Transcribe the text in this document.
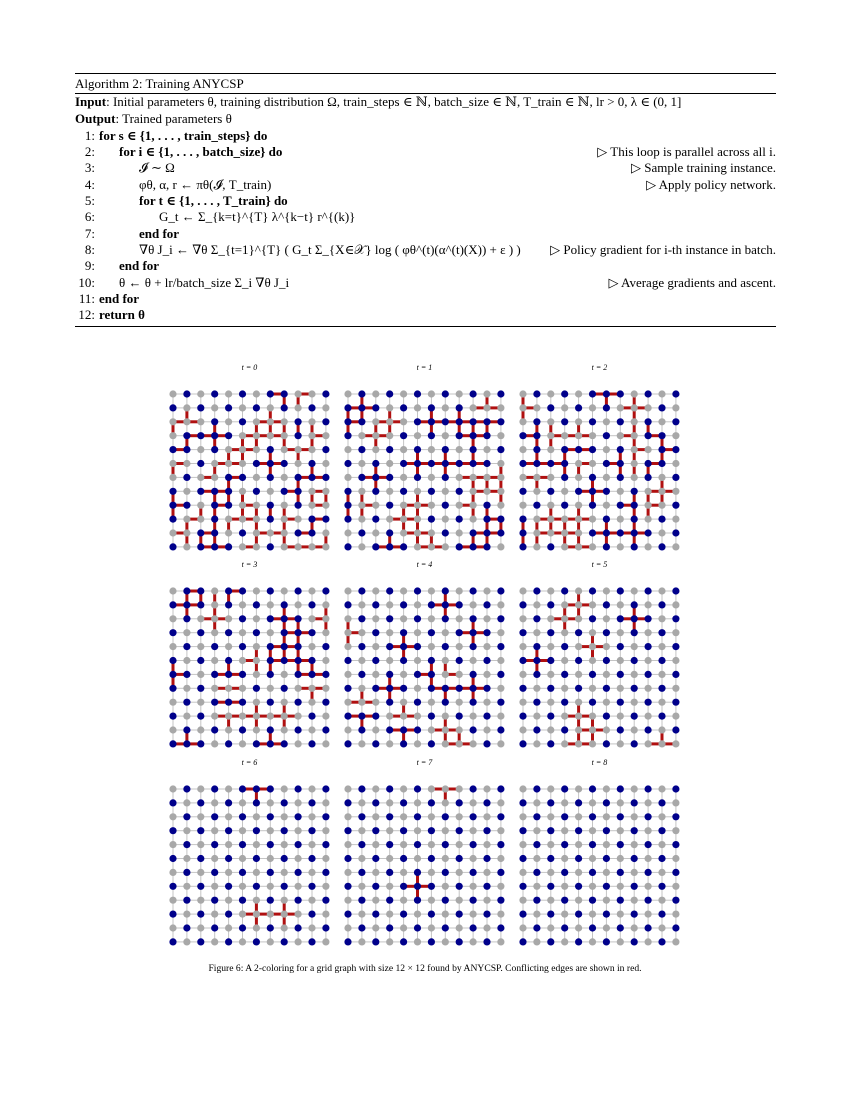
Algorithm 2: Training ANYCSP
Input: Initial parameters θ, training distribution Ω, train_steps ∈ ℕ, batch_size ∈ ℕ, T_train ∈ ℕ, lr > 0, λ ∈ (0, 1]
Output: Trained parameters θ
1: for s ∈ {1, . . . , train_steps} do
2:	for i ∈ {1, . . . , batch_size} do	▷ This loop is parallel across all i.
3:	𝓘 ∼ Ω	▷ Sample training instance.
4:	φθ, α, r ← πθ(𝓘, T_train)	▷ Apply policy network.
5:	for t ∈ {1, . . . , T_train} do
6:	G_t ← Σ_{k=t}^{T} λ^{k−t} r^{(k)}
7:	end for
8:	∇θ J_i ← ∇θ Σ_{t=1}^{T} ( G_t Σ_{X∈𝒳} log ( φθ^(t)(α^(t)(X)) + ε ) )	▷ Policy gradient for i-th instance in batch.
9:	end for
10:	θ ← θ + lr/batch_size Σ_i ∇θ J_i	▷ Average gradients and ascent.
11: end for
12: return θ
t = 0	t = 1	t = 2
t = 3	t = 4	t = 5
t = 6	t = 7	t = 8
Figure 6: A 2-coloring for a grid graph with size 12 × 12 found by ANYCSP. Conflicting edges are shown in red.
